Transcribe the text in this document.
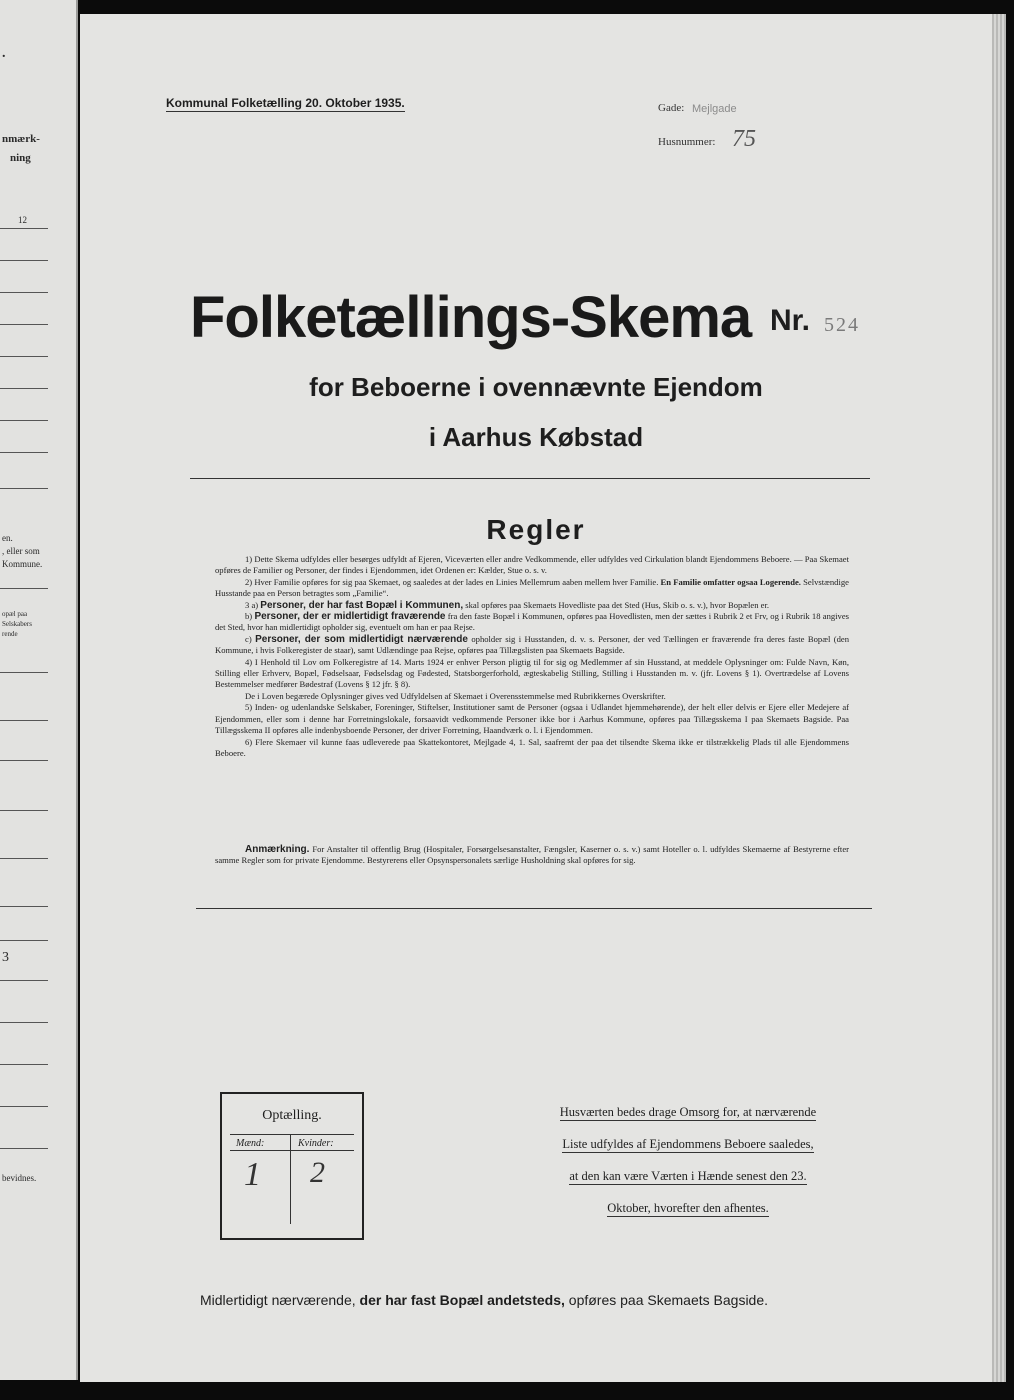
.
nmærk-
ning
12
en.
, eller som
Kommune.
opæl paa
Selskabers
rende
3
bevidnes.
Kommunal Folketælling 20. Oktober 1935.	Gade: Mejlgade
Husnummer: 75
Folketællings-Skema Nr. 524
for Beboerne i ovennævnte Ejendom
i Aarhus Købstad
Regler

1) Dette Skema udfyldes eller besørges udfyldt af Ejeren, Viceværten eller andre Vedkommende, eller udfyldes ved Cirkulation blandt Ejendommens Beboere. — Paa Skemaet opføres de Familier og Personer, der findes i Ejendommen, idet Ordenen er: Kælder, Stue o. s. v.

2) Hver Familie opføres for sig paa Skemaet, og saaledes at der lades en Linies Mellemrum aaben mellem hver Familie. En Familie omfatter ogsaa Logerende. Selvstændige Husstande paa en Person betragtes som „Familie“.

3 a) Personer, der har fast Bopæl i Kommunen, skal opføres paa Skemaets Hovedliste paa det Sted (Hus, Skib o. s. v.), hvor Bopælen er.

b) Personer, der er midlertidigt fraværende fra den faste Bopæl i Kommunen, opføres paa Hovedlisten, men der sættes i Rubrik 2 et Frv, og i Rubrik 18 angives det Sted, hvor han midlertidigt opholder sig, eventuelt om han er paa Rejse.

c) Personer, der som midlertidigt nærværende opholder sig i Husstanden, d. v. s. Personer, der ved Tællingen er fraværende fra deres faste Bopæl (den Kommune, i hvis Folkeregister de staar), samt Udlændinge paa Rejse, opføres paa Tillægslisten paa Skemaets Bagside.

4) I Henhold til Lov om Folkeregistre af 14. Marts 1924 er enhver Person pligtig til for sig og Medlemmer af sin Husstand, at meddele Oplysninger om: Fulde Navn, Køn, Stilling eller Erhverv, Bopæl, Fødselsaar, Fødselsdag og Fødested, Statsborgerforhold, ægteskabelig Stilling, Stilling i Husstanden m. v. (jfr. Lovens § 1). Overtrædelse af Lovens Bestemmelser medfører Bødestraf (Lovens § 12 jfr. § 8).

De i Loven begærede Oplysninger gives ved Udfyldelsen af Skemaet i Overensstemmelse med Rubrikkernes Overskrifter.

5) Inden- og udenlandske Selskaber, Foreninger, Stiftelser, Institutioner samt de Personer (ogsaa i Udlandet hjemmehørende), der helt eller delvis er Ejere eller Medejere af Ejendommen, eller som i denne har Forretningslokale, forsaavidt vedkommende Personer ikke bor i Aarhus Kommune, opføres paa Tillægsskema I paa Skemaets Bagside. Paa Tillægsskema II opføres alle indenbysboende Personer, der driver Forretning, Haandværk o. l. i Ejendommen.

6) Flere Skemaer vil kunne faas udleverede paa Skattekontoret, Mejlgade 4, 1. Sal, saafremt der paa det tilsendte Skema ikke er tilstrækkelig Plads til alle Ejendommens Beboere.

Anmærkning. For Anstalter til offentlig Brug (Hospitaler, Forsørgelsesanstalter, Fængsler, Kaserner o. s. v.) samt Hoteller o. l. udfyldes Skemaerne af Bestyrerne efter samme Regler som for private Ejendomme. Bestyrerens eller Opsynspersonalets særlige Husholdning skal opføres for sig.

Optælling.
Mænd:	Kvinder:
1 2
Husværten bedes drage Omsorg for, at nærværende
Liste udfyldes af Ejendommens Beboere saaledes,
at den kan være Værten i Hænde senest den 23.
Oktober, hvorefter den afhentes.
Midlertidigt nærværende, der har fast Bopæl andetsteds, opføres paa Skemaets Bagside.
